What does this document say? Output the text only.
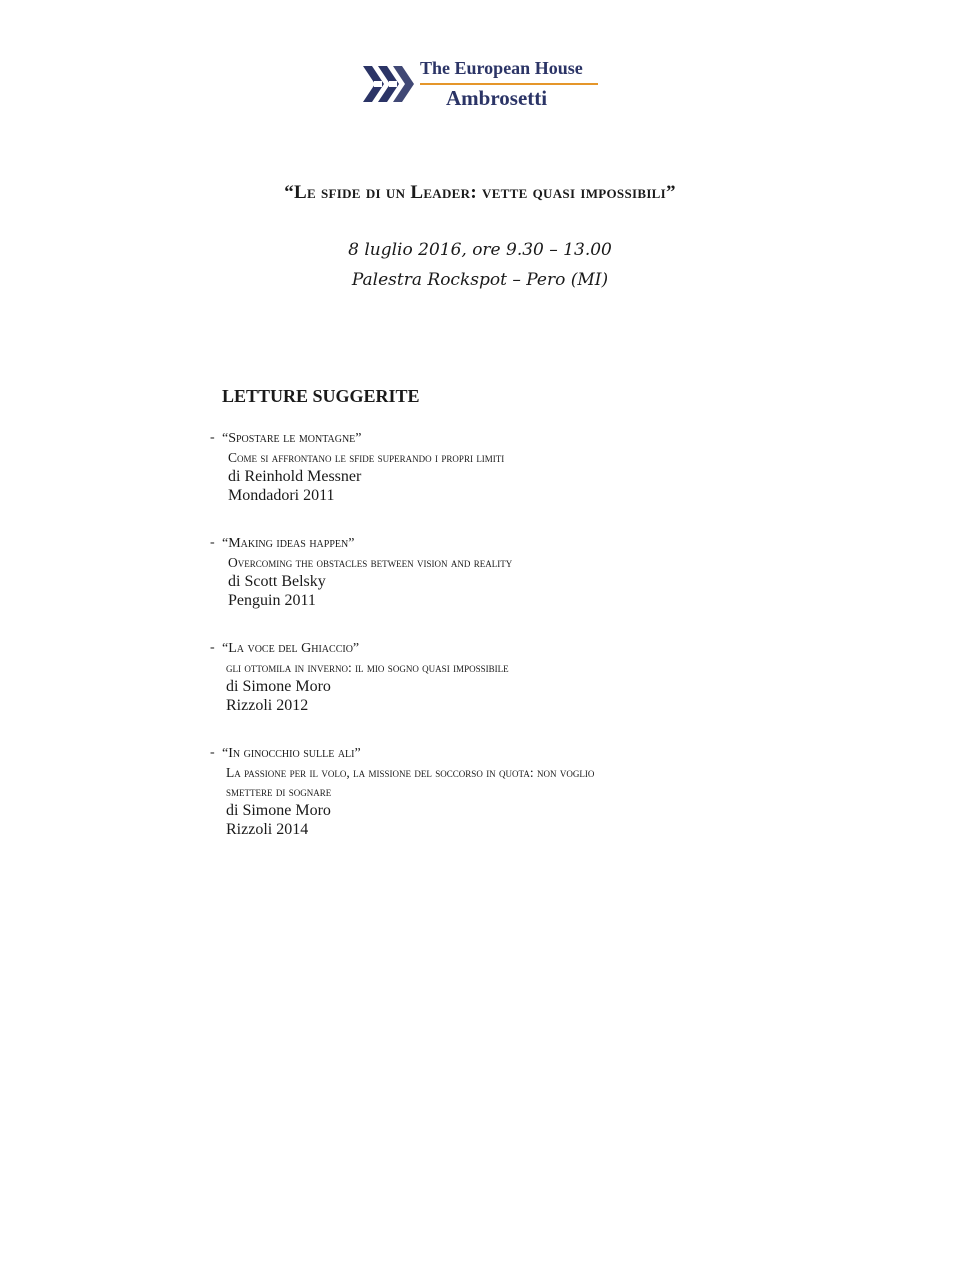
The European House
Ambrosetti
“Le sfide di un Leader: vette quasi impossibili”
8 luglio 2016, ore 9.30 – 13.00
Palestra Rockspot – Pero (MI)
LETTURE SUGGERITE
- “Spostare le montagne”
Come si affrontano le sfide superando i propri limiti
di Reinhold Messner
Mondadori 2011
- “Making ideas happen”
Overcoming the obstacles between vision and reality
di Scott Belsky
Penguin 2011
- “La voce del Ghiaccio”
gli ottomila in inverno: il mio sogno quasi impossibile
di Simone Moro
Rizzoli 2012
- “In ginocchio sulle ali”
La passione per il volo, la missione del soccorso in quota: non voglio
smettere di sognare
di Simone Moro
Rizzoli 2014
